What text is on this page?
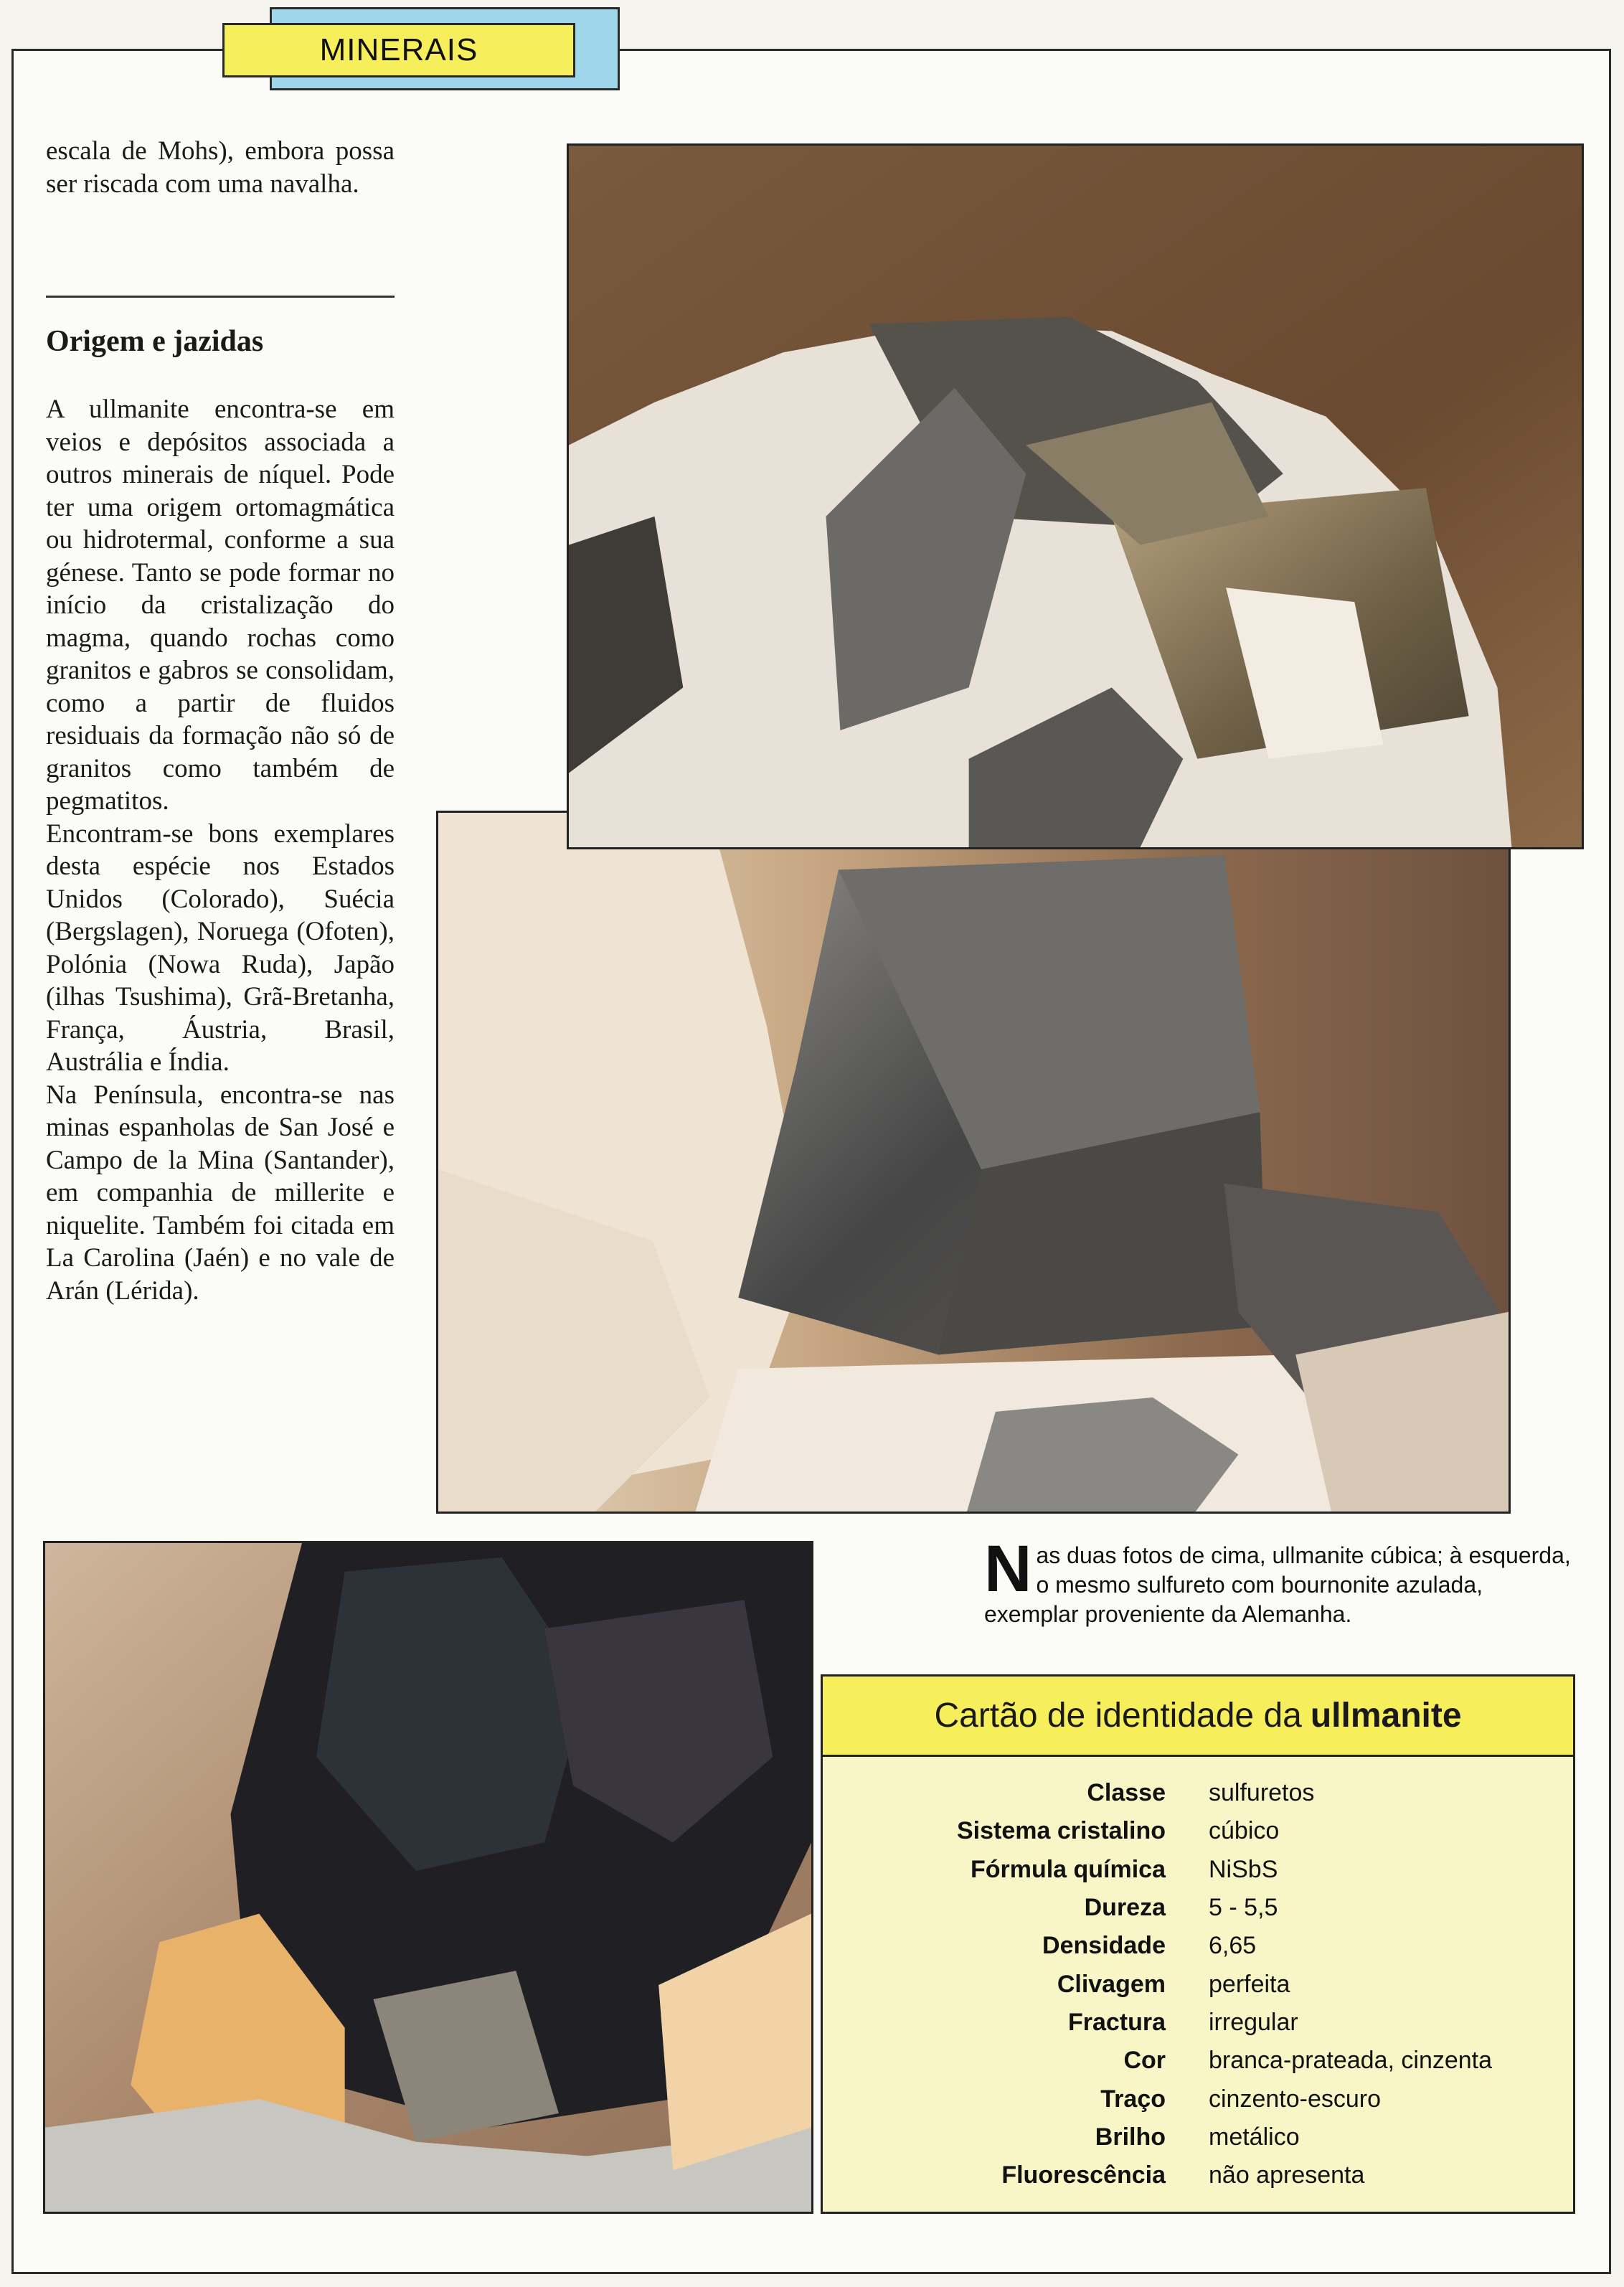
MINERAIS

escala de Mohs), embora possa ser riscada com uma navalha.

Origem e jazidas

A ullmanite encontra-se em veios e depósitos associada a outros minerais de níquel. Pode ter uma origem ortomagmática ou hidrotermal, conforme a sua génese. Tanto se pode formar no início da cristalização do magma, quando rochas como granitos e gabros se consolidam, como a partir de fluidos residuais da formação não só de granitos como também de pegmatitos.

Encontram-se bons exemplares desta espécie nos Estados Unidos (Colorado), Suécia (Bergslagen), Noruega (Ofoten), Polónia (Nowa Ruda), Japão (ilhas Tsushima), Grã-Bretanha, França, Áustria, Brasil, Austrália e Índia.

Na Península, encontra-se nas minas espanholas de San José e Campo de la Mina (Santander), em companhia de millerite e niquelite. Também foi citada em La Carolina (Jaén) e no vale de Arán (Lérida).

N as duas fotos de cima, ullmanite cúbica; à esquerda, o mesmo sulfureto com bournonite azulada, exemplar proveniente da Alemanha.
Cartão de identidade da ullmanite
Classe sulfuretos
Sistema cristalino cúbico
Fórmula química NiSbS
Dureza 5 - 5,5
Densidade 6,65
Clivagem perfeita
Fractura irregular
Cor branca-prateada, cinzenta
Traço cinzento-escuro
Brilho metálico
Fluorescência não apresenta
